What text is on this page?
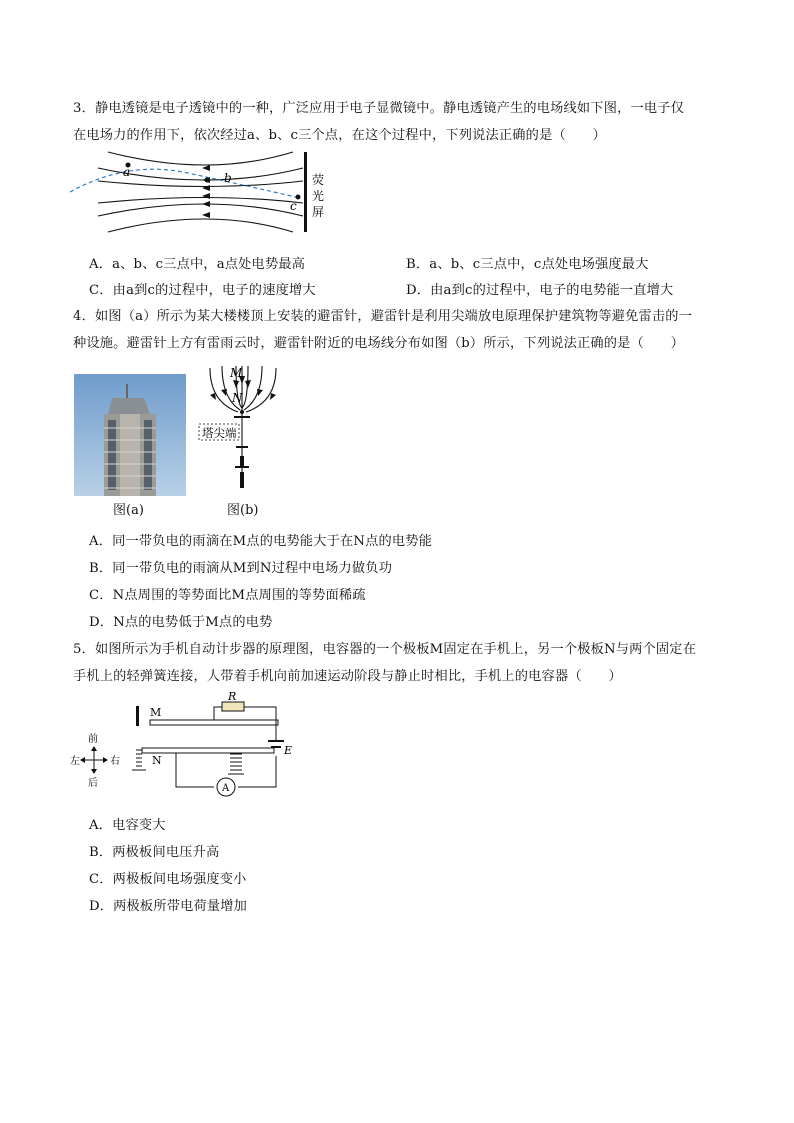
3．静电透镜是电子透镜中的一种，广泛应用于电子显微镜中。静电透镜产生的电场线如下图，一电子仅
在电场力的作用下，依次经过a、b、c三个点，在这个过程中，下列说法正确的是（　　）
a	b
c
荧
光
屏
A．a、b、c三点中，a点处电势最高	B．a、b、c三点中，c点处电场强度最大
C．由a到c的过程中，电子的速度增大	D．由a到c的过程中，电子的电势能一直增大
4．如图（a）所示为某大楼楼顶上安装的避雷针，避雷针是利用尖端放电原理保护建筑物等避免雷击的一
种设施。避雷针上方有雷雨云时，避雷针附近的电场线分布如图（b）所示，下列说法正确的是（　　）
图(a)
M
N
塔尖端
图(b)
A．同一带负电的雨滴在M点的电势能大于在N点的电势能
B．同一带负电的雨滴从M到N过程中电场力做负功
C．N点周围的等势面比M点周围的等势面稀疏
D．N点的电势低于M点的电势
5．如图所示为手机自动计步器的原理图，电容器的一个极板M固定在手机上，另一个极板N与两个固定在
手机上的轻弹簧连接，人带着手机向前加速运动阶段与静止时相比，手机上的电容器（　　）
M
R
E
A
N
前
后
左	右
A．电容变大
B．两极板间电压升高
C．两极板间电场强度变小
D．两极板所带电荷量增加
